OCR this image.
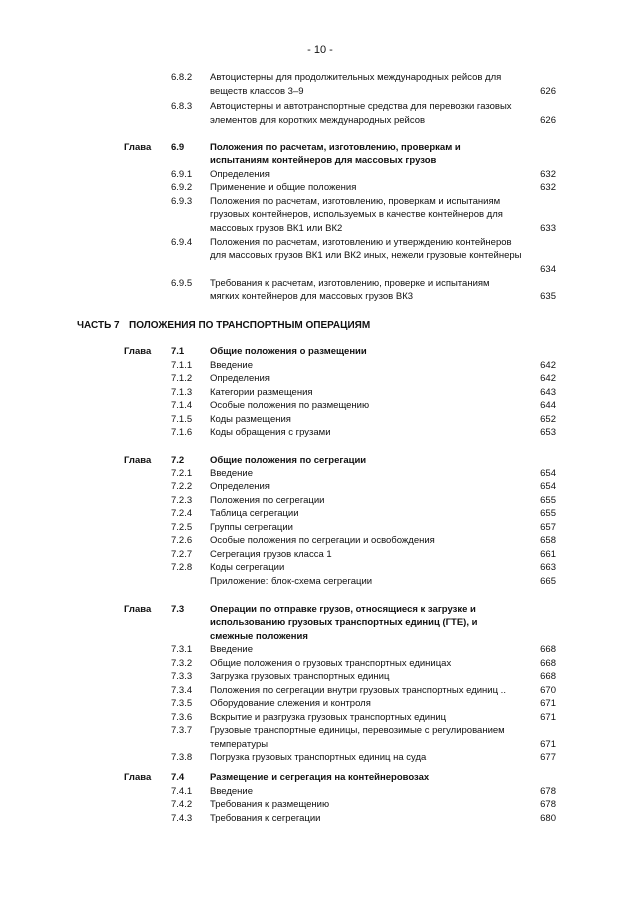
- 10 -
ЧАСТЬ 7 ПОЛОЖЕНИЯ ПО ТРАНСПОРТНЫМ ОПЕРАЦИЯМ
6.8.2 Автоцистерны для продолжительных международных рейсов для
веществ классов 3–9	626
6.8.3 Автоцистерны и автотранспортные средства для перевозки газовых
элементов для коротких международных рейсов	626
Глава 6.9	Положения по расчетам, изготовлению, проверкам и
испытаниям контейнеров для массовых грузов
6.9.1 Определения	632
6.9.2 Применение и общие положения	632
6.9.3 Положения по расчетам, изготовлению, проверкам и испытаниям
грузовых контейнеров, используемых в качестве контейнеров для
массовых грузов ВК1 или ВК2	633
6.9.4 Положения по расчетам, изготовлению и утверждению контейнеров
для массовых грузов ВК1 или ВК2 иных, нежели грузовые контейнеры
634
6.9.5 Требования к расчетам, изготовлению, проверке и испытаниям
мягких контейнеров для массовых грузов ВК3	635
Глава 7.1	Общие положения о размещении
7.1.1 Введение	642
7.1.2 Определения	642
7.1.3 Категории размещения	643
7.1.4 Особые положения по размещению	644
7.1.5 Коды размещения	652
7.1.6 Коды обращения с грузами	653
Глава 7.2	Общие положения по сегрегации
7.2.1 Введение	654
7.2.2 Определения	654
7.2.3 Положения по сегрегации	655
7.2.4 Таблица сегрегации	655
7.2.5 Группы сегрегации	657
7.2.6 Особые положения по сегрегации и освобождения	658
7.2.7 Сегрегация грузов класса 1	661
7.2.8 Коды сегрегации	663
Приложение: блок-схема сегрегации	665
Глава 7.3	Операции по отправке грузов, относящиеся к загрузке и
использованию грузовых транспортных единиц (ГТЕ), и
смежные положения
7.3.1 Введение	668
7.3.2 Общие положения о грузовых транспортных единицах	668
7.3.3 Загрузка грузовых транспортных единиц	668
7.3.4 Положения по сегрегации внутри грузовых транспортных единиц ..	670
7.3.5 Оборудование слежения и контроля	671
7.3.6 Вскрытие и разгрузка грузовых транспортных единиц	671
7.3.7 Грузовые транспортные единицы, перевозимые с регулированием
температуры	671
7.3.8 Погрузка грузовых транспортных единиц на суда	677
Глава 7.4	Размещение и сегрегация на контейнеровозах
7.4.1 Введение	678
7.4.2 Требования к размещению	678
7.4.3 Требования к сегрегации	680
